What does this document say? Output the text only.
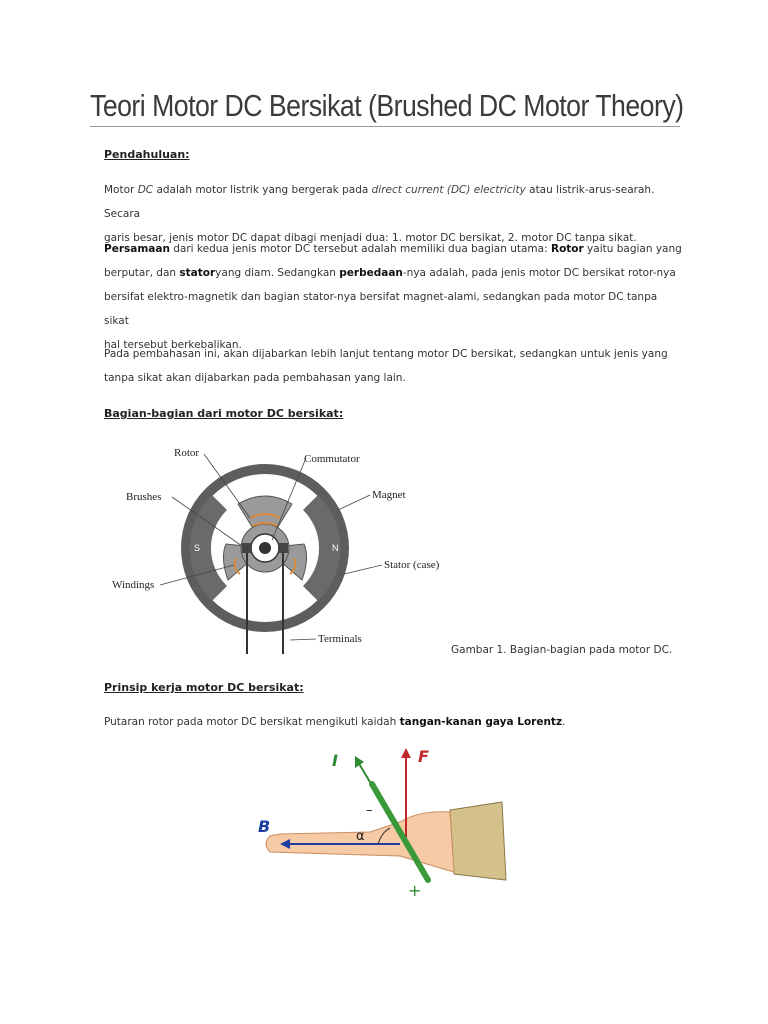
Teori Motor DC Bersikat (Brushed DC Motor Theory)
Pendahuluan:
Motor DC adalah motor listrik yang bergerak pada direct current (DC) electricity atau listrik-arus-searah. Secara
garis besar, jenis motor DC dapat dibagi menjadi dua: 1. motor DC bersikat, 2. motor DC tanpa sikat.
Persamaan dari kedua jenis motor DC tersebut adalah memiliki dua bagian utama: Rotor yaitu bagian yang
berputar, dan statoryang diam. Sedangkan perbedaan-nya adalah, pada jenis motor DC bersikat rotor-nya
bersifat elektro-magnetik dan bagian stator-nya bersifat magnet-alami, sedangkan pada motor DC tanpa sikat
hal tersebut berkebalikan.
Pada pembahasan ini, akan dijabarkan lebih lanjut tentang motor DC bersikat, sedangkan untuk jenis yang
tanpa sikat akan dijabarkan pada pembahasan yang lain.
Bagian-bagian dari motor DC bersikat:
Rotor	Commutator
Brushes	Magnet
Windings
Stator (case)
Terminals
S	N
Gambar 1. Bagian-bagian pada motor DC.
Prinsip kerja motor DC bersikat:
Putaran rotor pada motor DC bersikat mengikuti kaidah tangan-kanan gaya Lorentz.
I	F
B
α
–
+
